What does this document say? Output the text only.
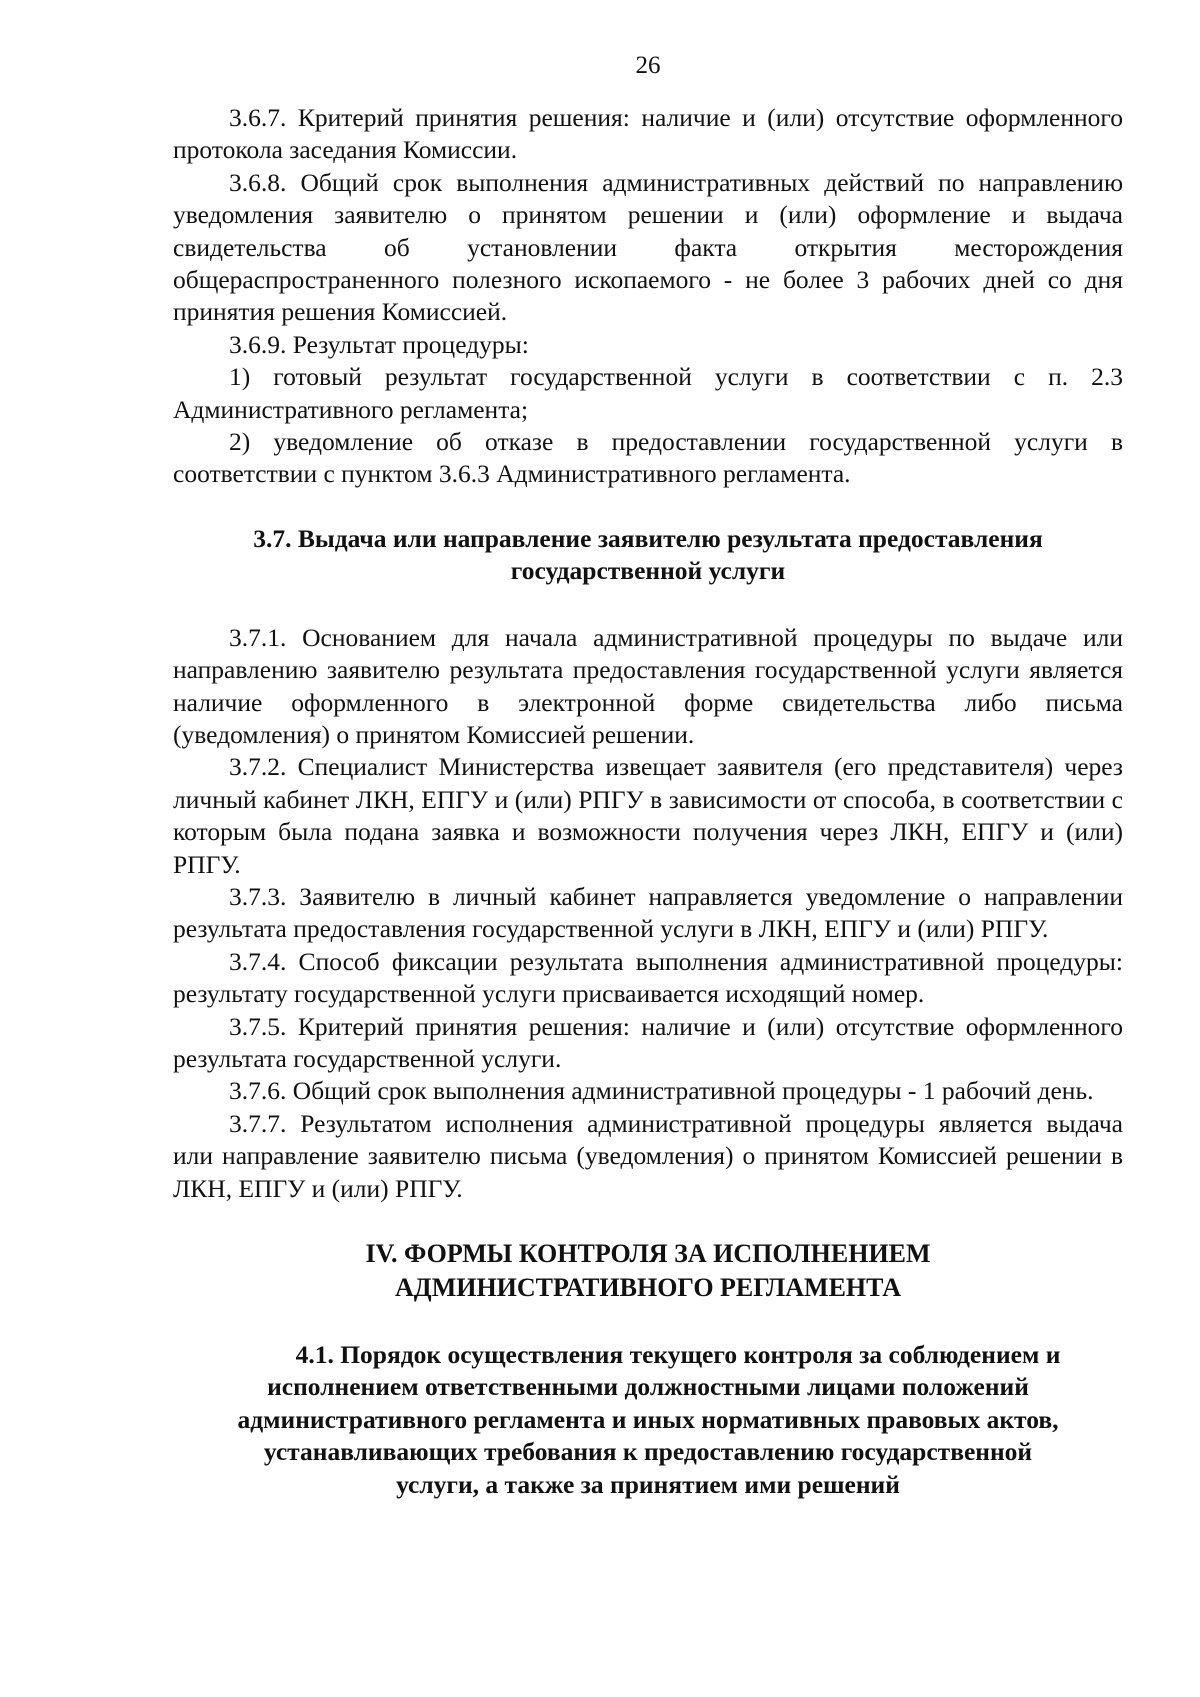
26

3.6.7. Критерий принятия решения: наличие и (или) отсутствие оформленного протокола заседания Комиссии.

3.6.8. Общий срок выполнения административных действий по направлению уведомления заявителю о принятом решении и (или) оформление и выдача свидетельства об установлении факта открытия месторождения общераспространенного полезного ископаемого - не более 3 рабочих дней со дня принятия решения Комиссией.

3.6.9. Результат процедуры:

1) готовый результат государственной услуги в соответствии с п. 2.3 Административного регламента;

2) уведомление об отказе в предоставлении государственной услуги в соответствии с пунктом 3.6.3 Административного регламента.

3.7. Выдача или направление заявителю результата предоставления
государственной услуги

3.7.1. Основанием для начала административной процедуры по выдаче или направлению заявителю результата предоставления государственной услуги является наличие оформленного в электронной форме свидетельства либо письма (уведомления) о принятом Комиссией решении.

3.7.2. Специалист Министерства извещает заявителя (его представителя) через личный кабинет ЛКН, ЕПГУ и (или) РПГУ в зависимости от способа, в соответствии с которым была подана заявка и возможности получения через ЛКН, ЕПГУ и (или) РПГУ.

3.7.3. Заявителю в личный кабинет направляется уведомление о направлении результата предоставления государственной услуги в ЛКН, ЕПГУ и (или) РПГУ.

3.7.4. Способ фиксации результата выполнения административной процедуры: результату государственной услуги присваивается исходящий номер.

3.7.5. Критерий принятия решения: наличие и (или) отсутствие оформленного результата государственной услуги.

3.7.6. Общий срок выполнения административной процедуры - 1 рабочий день.

3.7.7. Результатом исполнения административной процедуры является выдача или направление заявителю письма (уведомления) о принятом Комиссией решении в ЛКН, ЕПГУ и (или) РПГУ.

IV. ФОРМЫ КОНТРОЛЯ ЗА ИСПОЛНЕНИЕМ
АДМИНИСТРАТИВНОГО РЕГЛАМЕНТА
4.1. Порядок осуществления текущего контроля за соблюдением и
исполнением ответственными должностными лицами положений
административного регламента и иных нормативных правовых актов,
устанавливающих требования к предоставлению государственной
услуги, а также за принятием ими решений
